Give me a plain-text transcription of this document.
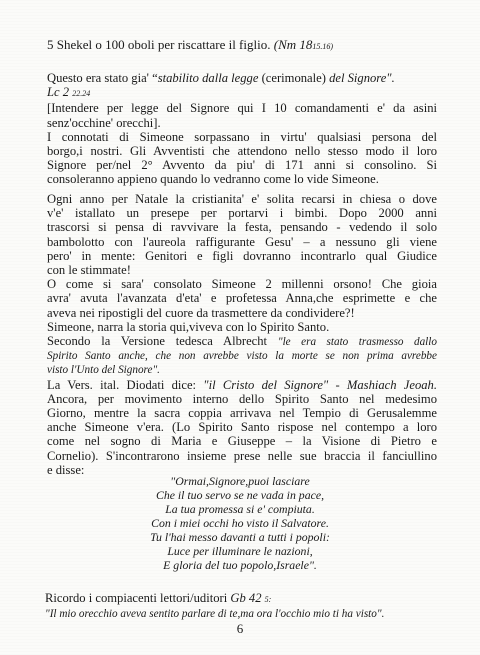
5 Shekel o 100 oboli per riscattare il figlio. (Nm 1815.16)
Questo era stato gia' “stabilito dalla legge (cerimonale) del Signore".
Lc 2 22.24
[Intendere per legge del Signore qui I 10 comandamenti e' da asini
senz'occhine' orecchi].
I connotati di Simeone sorpassano in virtu' qualsiasi persona del
borgo,i nostri. Gli Avventisti che attendono nello stesso modo il loro
Signore per/nel 2° Avvento da piu' di 171 anni si consolino. Si
consoleranno appieno quando lo vedranno come lo vide Simeone.
Ogni anno per Natale la cristianita' e' solita recarsi in chiesa o dove
v'e' istallato un presepe per portarvi i bimbi. Dopo 2000 anni
trascorsi si pensa di ravvivare la festa, pensando - vedendo il solo
bambolotto con l'aureola raffigurante Gesu' – a nessuno gli viene
pero' in mente: Genitori e figli dovranno incontrarlo qual Giudice
con le stimmate!
O come si sara' consolato Simeone 2 millenni orsono! Che gioia
avra' avuta l'avanzata d'eta' e profetessa Anna,che esprimette e che
aveva nei ripostigli del cuore da trasmettere da condividere?!
Simeone, narra la storia qui,viveva con lo Spirito Santo.
Secondo la Versione tedesca Albrecht "le era stato trasmesso dallo
Spirito Santo anche, che non avrebbe visto la morte se non prima avrebbe
visto l'Unto del Signore".
La Vers. ital. Diodati dice: "il Cristo del Signore" - Mashiach Jeoah.
Ancora, per movimento interno dello Spirito Santo nel medesimo
Giorno, mentre la sacra coppia arrivava nel Tempio di Gerusalemme
anche Simeone v'era. (Lo Spirito Santo rispose nel contempo a loro
come nel sogno di Maria e Giuseppe – la Visione di Pietro e
Cornelio). S'incontrarono insieme prese nelle sue braccia il fanciullino
e disse:
"Ormai,Signore,puoi lasciare
Che il tuo servo se ne vada in pace,
La tua promessa si e' compiuta.
Con i miei occhi ho visto il Salvatore.
Tu l'hai messo davanti a tutti i popoli:
Luce per illuminare le nazioni,
E gloria del tuo popolo,Israele".
Ricordo i compiacenti lettori/uditori Gb 42 5:
"Il mio orecchio aveva sentito parlare di te,ma ora l'occhio mio ti ha visto".
6
